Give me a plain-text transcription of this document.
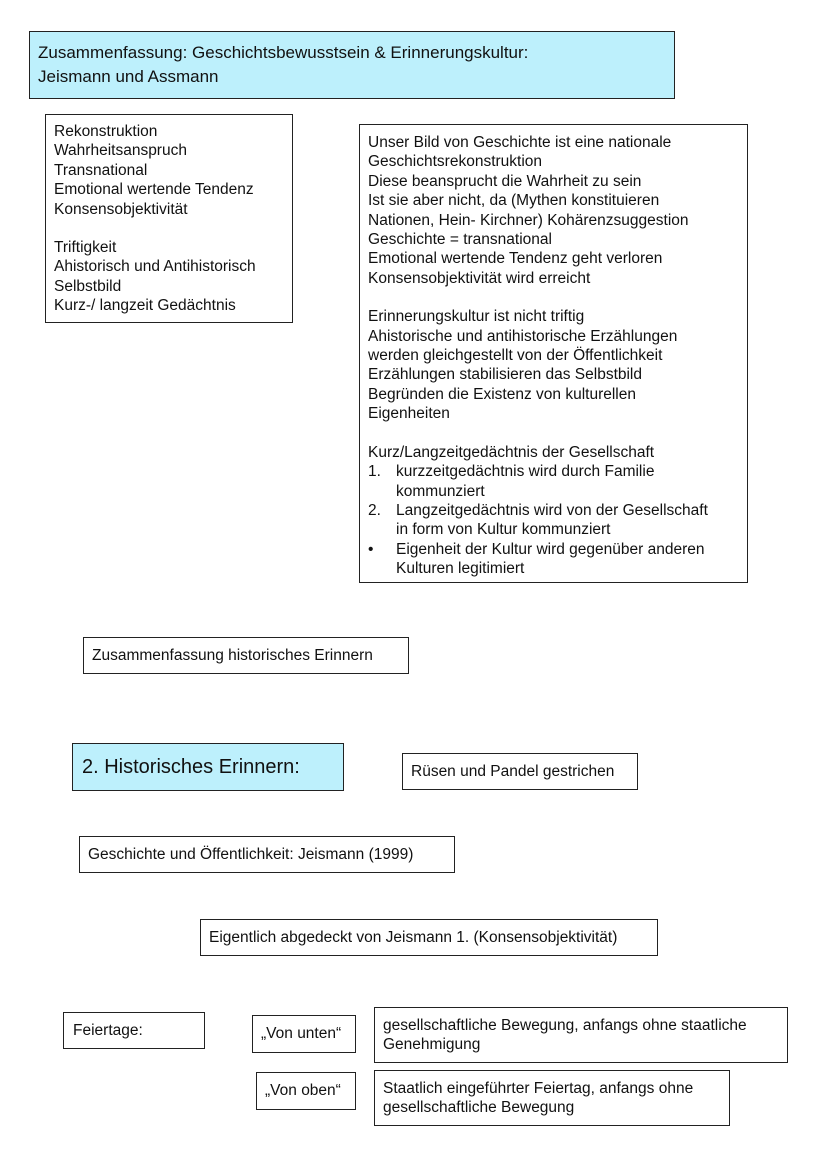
Zusammenfassung: Geschichtsbewusstsein & Erinnerungskultur:
Jeismann und Assmann
Rekonstruktion
Wahrheitsanspruch
Transnational
Emotional wertende Tendenz
Konsensobjektivität
Triftigkeit
Ahistorisch und Antihistorisch
Selbstbild
Kurz-/ langzeit Gedächtnis
Unser Bild von Geschichte ist eine nationale
Geschichtsrekonstruktion
Diese beansprucht die Wahrheit zu sein
Ist sie aber nicht, da (Mythen konstituieren
Nationen, Hein- Kirchner) Kohärenzsuggestion
Geschichte = transnational
Emotional wertende Tendenz geht verloren
Konsensobjektivität wird erreicht
Erinnerungskultur ist nicht triftig
Ahistorische und antihistorische Erzählungen
werden gleichgestellt von der Öffentlichkeit
Erzählungen stabilisieren das Selbstbild
Begründen die Existenz von kulturellen
Eigenheiten
Kurz/Langzeitgedächtnis der Gesellschaft
1. kurzzeitgedächtnis wird durch Familie
kommunziert
2. Langzeitgedächtnis wird von der Gesellschaft
in form von Kultur kommunziert
•	Eigenheit der Kultur wird gegenüber anderen
Kulturen legitimiert
Zusammenfassung historisches Erinnern
2. Historisches Erinnern:	Rüsen und Pandel gestrichen
Geschichte und Öffentlichkeit: Jeismann (1999)
Eigentlich abgedeckt von Jeismann 1. (Konsensobjektivität)
Feiertage:	„Von unten“	gesellschaftliche Bewegung, anfangs ohne staatliche
Genehmigung
„Von oben“	Staatlich eingeführter Feiertag, anfangs ohne
gesellschaftliche Bewegung
